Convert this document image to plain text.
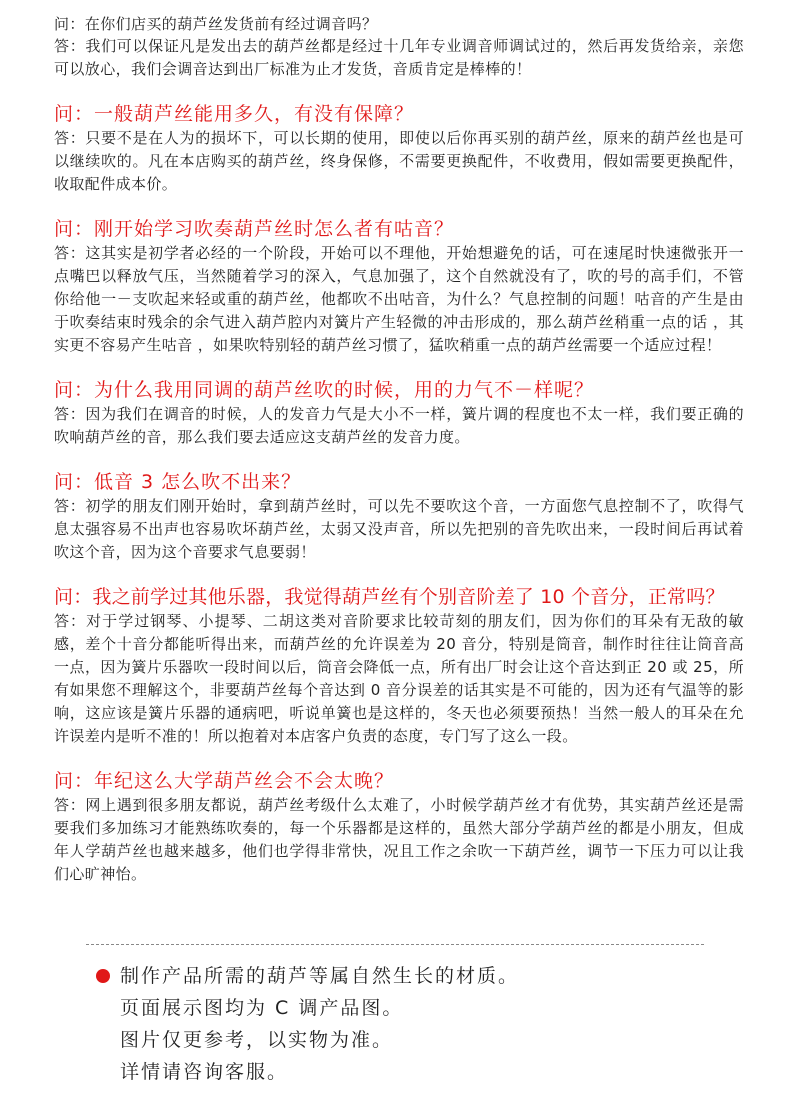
问：在你们店买的葫芦丝发货前有经过调音吗？

答：我们可以保证凡是发出去的葫芦丝都是经过十几年专业调音师调试过的，然后再发货给亲，亲您可以放心，我们会调音达到出厂标准为止才发货，音质肯定是棒棒的！

问：一般葫芦丝能用多久，有没有保障？

答：只要不是在人为的损坏下，可以长期的使用，即使以后你再买别的葫芦丝，原来的葫芦丝也是可以继续吹的。凡在本店购买的葫芦丝，终身保修，不需要更换配件，不收费用，假如需要更换配件，收取配件成本价。

问：刚开始学习吹奏葫芦丝时怎么者有咕音？

答：这其实是初学者必经的一个阶段，开始可以不理他，开始想避免的话，可在速尾时快速微张开一点嘴巴以释放气压，当然随着学习的深入，气息加强了，这个自然就没有了，吹的号的高手们，不管你给他一－支吹起来轻或重的葫芦丝，他都吹不出咕音，为什么？气息控制的问题！咕音的产生是由于吹奏结束时残余的余气进入葫芦腔内对簧片产生轻微的冲击形成的，那么葫芦丝稍重一点的话 ，其实更不容易产生咕音 ，如果吹特别轻的葫芦丝习惯了，猛吹稍重一点的葫芦丝需要一个适应过程！

问：为什么我用同调的葫芦丝吹的时候，用的力气不－样呢？

答：因为我们在调音的时候，人的发音力气是大小不一样，簧片调的程度也不太一样，我们要正确的吹响葫芦丝的音，那么我们要去适应这支葫芦丝的发音力度。

问：低音 3 怎么吹不出来？

答：初学的朋友们刚开始时，拿到葫芦丝时，可以先不要吹这个音，一方面您气息控制不了，吹得气息太强容易不出声也容易吹坏葫芦丝，太弱又没声音，所以先把别的音先吹出来，一段时间后再试着吹这个音，因为这个音要求气息要弱！

问：我之前学过其他乐器，我觉得葫芦丝有个别音阶差了 10 个音分，正常吗？

答：对于学过钢琴、小提琴、二胡这类对音阶要求比较苛刻的朋友们，因为你们的耳朵有无敌的敏感，差个十音分都能听得出来，而葫芦丝的允许误差为 20 音分，特别是筒音，制作时往往让筒音高一点，因为簧片乐器吹一段时间以后，筒音会降低一点，所有出厂时会让这个音达到正 20 或 25，所有如果您不理解这个，非要葫芦丝每个音达到 0 音分误差的话其实是不可能的，因为还有气温等的影响，这应该是簧片乐器的通病吧，听说单簧也是这样的，冬天也必须要预热！当然一般人的耳朵在允许误差内是听不准的！所以抱着对本店客户负责的态度，专门写了这么一段。

问：年纪这么大学葫芦丝会不会太晚？

答：网上遇到很多朋友都说，葫芦丝考级什么太难了，小时候学葫芦丝才有优势，其实葫芦丝还是需要我们多加练习才能熟练吹奏的，每一个乐器都是这样的，虽然大部分学葫芦丝的都是小朋友，但成年人学葫芦丝也越来越多，他们也学得非常快，况且工作之余吹一下葫芦丝，调节一下压力可以让我们心旷神怡。

制作产品所需的葫芦等属自然生长的材质。

页面展示图均为 C 调产品图。

图片仅更参考，以实物为准。

详情请咨询客服。
